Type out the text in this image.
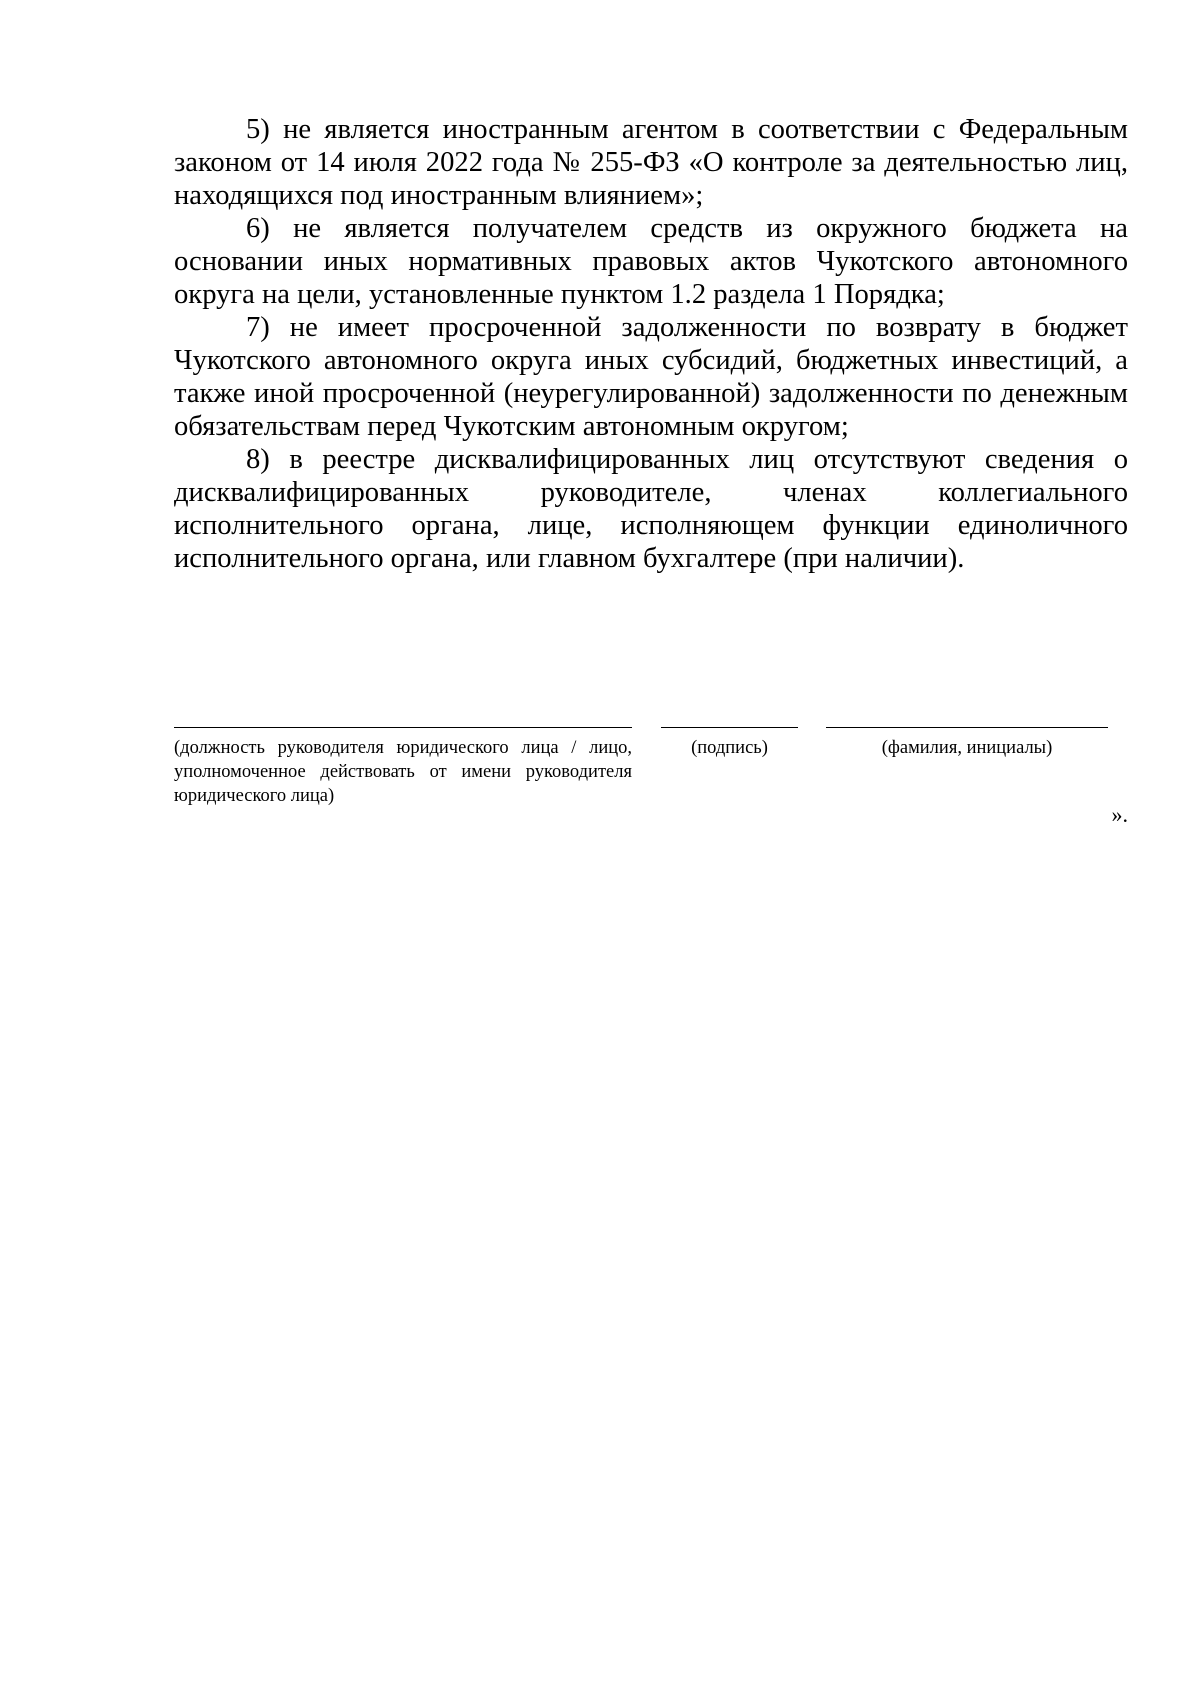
5) не является иностранным агентом в соответствии с Федеральным законом от 14 июля 2022 года № 255-ФЗ «О контроле за деятельностью лиц, находящихся под иностранным влиянием»;

6) не является получателем средств из окружного бюджета на основании иных нормативных правовых актов Чукотского автономного округа на цели, установленные пунктом 1.2 раздела 1 Порядка;

7) не имеет просроченной задолженности по возврату в бюджет Чукотского автономного округа иных субсидий, бюджетных инвестиций, а также иной просроченной (неурегулированной) задолженности по денежным обязательствам перед Чукотским автономным округом;

8) в реестре дисквалифицированных лиц отсутствуют сведения о дисквалифицированных руководителе, членах коллегиального исполнительного органа, лице, исполняющем функции единоличного исполнительного органа, или главном бухгалтере (при наличии).

(должность руководителя юридического лица / лицо, уполномоченное действовать от имени руководителя юридического лица)
(подпись)	(фамилия, инициалы)
».
